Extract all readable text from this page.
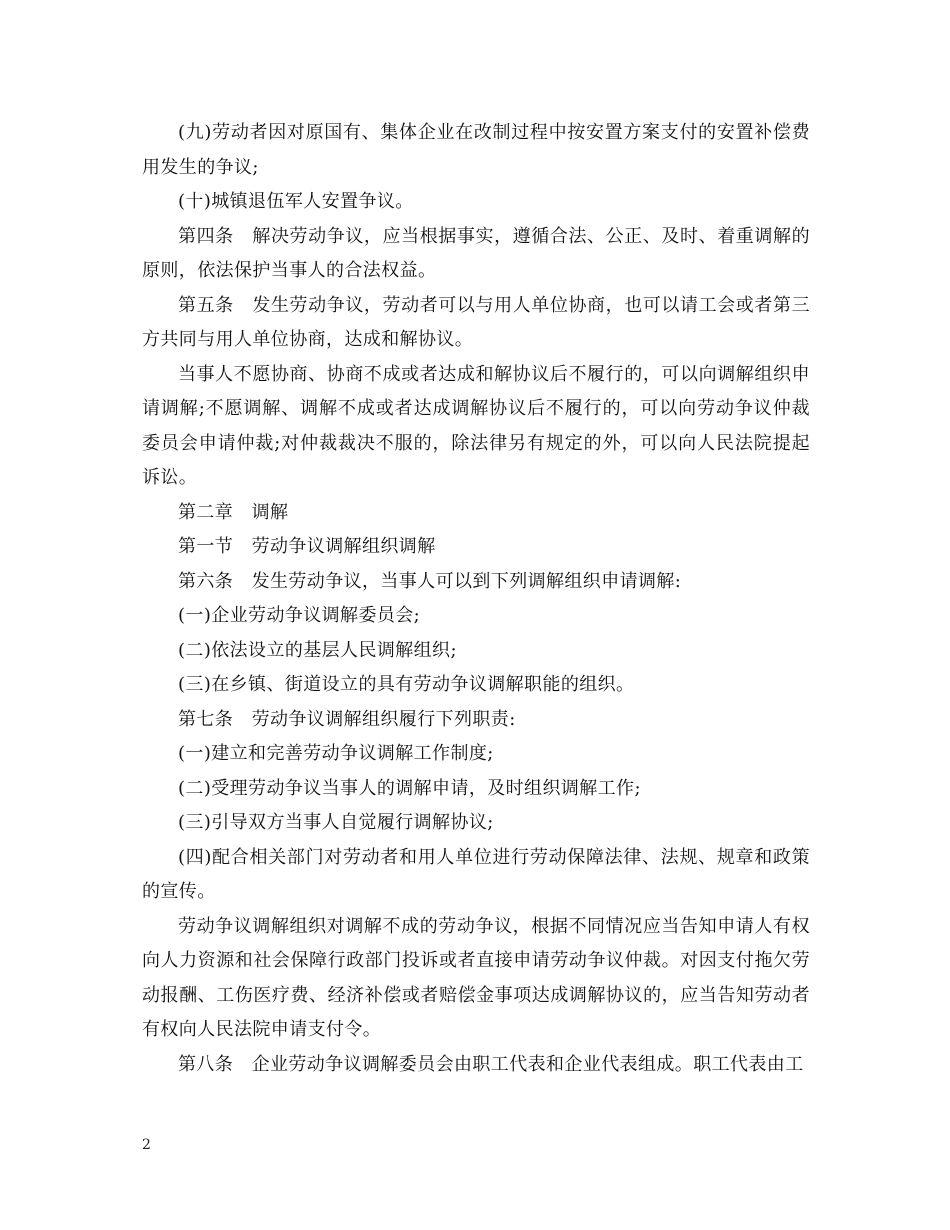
(九)劳动者因对原国有、集体企业在改制过程中按安置方案支付的安置补偿费用发生的争议;

(十)城镇退伍军人安置争议。

第四条　解决劳动争议，应当根据事实，遵循合法、公正、及时、着重调解的原则，依法保护当事人的合法权益。

第五条　发生劳动争议，劳动者可以与用人单位协商，也可以请工会或者第三方共同与用人单位协商，达成和解协议。

当事人不愿协商、协商不成或者达成和解协议后不履行的，可以向调解组织申请调解;不愿调解、调解不成或者达成调解协议后不履行的，可以向劳动争议仲裁委员会申请仲裁;对仲裁裁决不服的，除法律另有规定的外，可以向人民法院提起诉讼。

第二章　调解

第一节　劳动争议调解组织调解

第六条　发生劳动争议，当事人可以到下列调解组织申请调解:

(一)企业劳动争议调解委员会;

(二)依法设立的基层人民调解组织;

(三)在乡镇、街道设立的具有劳动争议调解职能的组织。

第七条　劳动争议调解组织履行下列职责:

(一)建立和完善劳动争议调解工作制度;

(二)受理劳动争议当事人的调解申请，及时组织调解工作;

(三)引导双方当事人自觉履行调解协议;

(四)配合相关部门对劳动者和用人单位进行劳动保障法律、法规、规章和政策的宣传。

劳动争议调解组织对调解不成的劳动争议，根据不同情况应当告知申请人有权向人力资源和社会保障行政部门投诉或者直接申请劳动争议仲裁。对因支付拖欠劳动报酬、工伤医疗费、经济补偿或者赔偿金事项达成调解协议的，应当告知劳动者有权向人民法院申请支付令。

第八条　企业劳动争议调解委员会由职工代表和企业代表组成。职工代表由工

2
